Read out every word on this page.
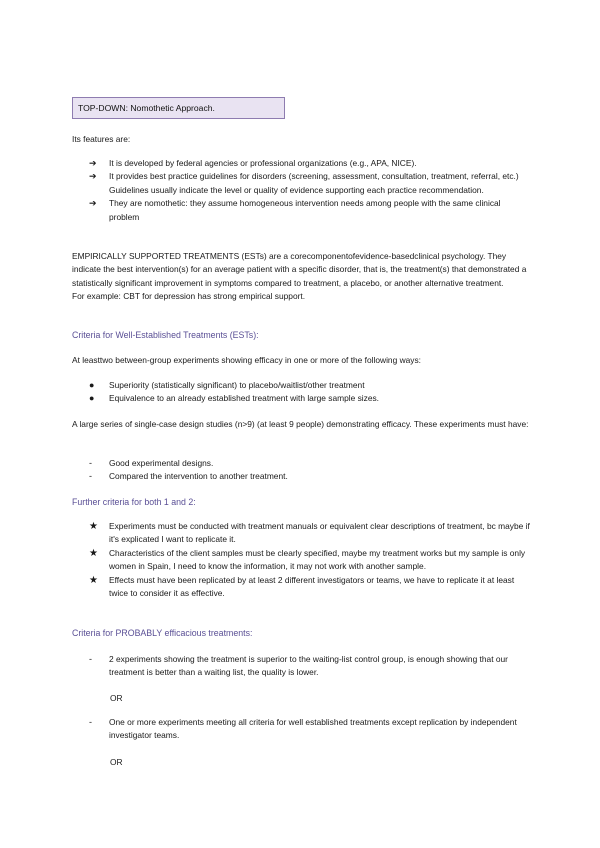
TOP-DOWN: Nomothetic Approach.

Its features are:

➔	It is developed by federal agencies or professional organizations (e.g., APA, NICE).
➔	It provides best practice guidelines for disorders (screening, assessment, consultation, treatment, referral, etc.) Guidelines usually indicate the level or quality of evidence supporting each practice recommendation.
➔	They are nomothetic: they assume homogeneous intervention needs among people with the same clinical problem

EMPIRICALLY SUPPORTED TREATMENTS (ESTs) are a corecomponentofevidence-basedclinical psychology. They indicate the best intervention(s) for an average patient with a specific disorder, that is, the treatment(s) that demonstrated a statistically significant improvement in symptoms compared to treatment, a placebo, or another alternative treatment.

For example: CBT for depression has strong empirical support.

Criteria for Well-Established Treatments (ESTs):

At leasttwo between-group experiments showing efficacy in one or more of the following ways:

●	Superiority (statistically significant) to placebo/waitlist/other treatment
●	Equivalence to an already established treatment with large sample sizes.

A large series of single-case design studies (n>9) (at least 9 people) demonstrating efficacy. These experiments must have:

-	Good experimental designs.
-	Compared the intervention to another treatment.

Further criteria for both 1 and 2:

★	Experiments must be conducted with treatment manuals or equivalent clear descriptions of treatment, bc maybe if it's explicated I want to replicate it.
★	Characteristics of the client samples must be clearly specified, maybe my treatment works but my sample is only women in Spain, I need to know the information, it may not work with another sample.
★	Effects must have been replicated by at least 2 different investigators or teams, we have to replicate it at least twice to consider it as effective.

Criteria for PROBABLY efficacious treatments:

-	2 experiments showing the treatment is superior to the waiting-list control group, is enough showing that our treatment is better than a waiting list, the quality is lower.
OR
-	One or more experiments meeting all criteria for well established treatments except replication by independent investigator teams.
OR
